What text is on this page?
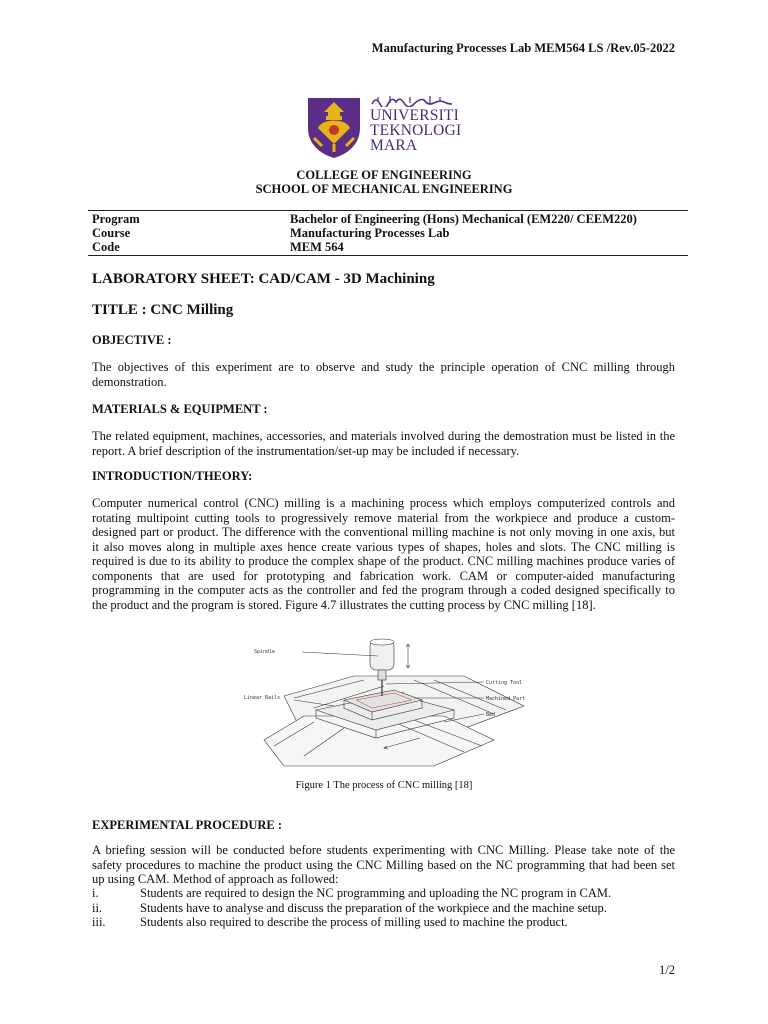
Manufacturing Processes Lab MEM564 LS /Rev.05-2022
UNIVERSITI
TEKNOLOGI
MARA
COLLEGE OF ENGINEERING
SCHOOL OF MECHANICAL ENGINEERING
Program	Bachelor of Engineering (Hons) Mechanical (EM220/ CEEM220)
Course	Manufacturing Processes Lab
Code	MEM 564
LABORATORY SHEET: CAD/CAM - 3D Machining
TITLE : CNC Milling
OBJECTIVE :
The objectives of this experiment are to observe and study the principle operation of CNC milling through demonstration.
MATERIALS & EQUIPMENT :
The related equipment, machines, accessories, and materials involved during the demostration must be listed in the report. A brief description of the instrumentation/set-up may be included if necessary.
INTRODUCTION/THEORY:
Computer numerical control (CNC) milling is a machining process which employs computerized controls and rotating multipoint cutting tools to progressively remove material from the workpiece and produce a custom-designed part or product. The difference with the conventional milling machine is not only moving in one axis, but it also moves along in multiple axes hence create various types of shapes, holes and slots. The CNC milling is required is due to its ability to produce the complex shape of the product. CNC milling machines produce varies of components that are used for prototyping and fabrication work. CAM or computer-aided manufacturing programming in the computer acts as the controller and fed the program through a coded designed specifically to the product and the program is stored. Figure 4.7 illustrates the cutting process by CNC milling [18].
Spindle
Linear Rails
Cutting Tool
Machined Part
Bed
Figure 1 The process of CNC milling [18]
EXPERIMENTAL PROCEDURE :
A briefing session will be conducted before students experimenting with CNC Milling. Please take note of the safety procedures to machine the product using the CNC Milling based on the NC programming that had been set up using CAM. Method of approach as followed:
i.	Students are required to design the NC programming and uploading the NC program in CAM.
ii.	Students have to analyse and discuss the preparation of the workpiece and the machine setup.
iii.	Students also required to describe the process of milling used to machine the product.
1/2
